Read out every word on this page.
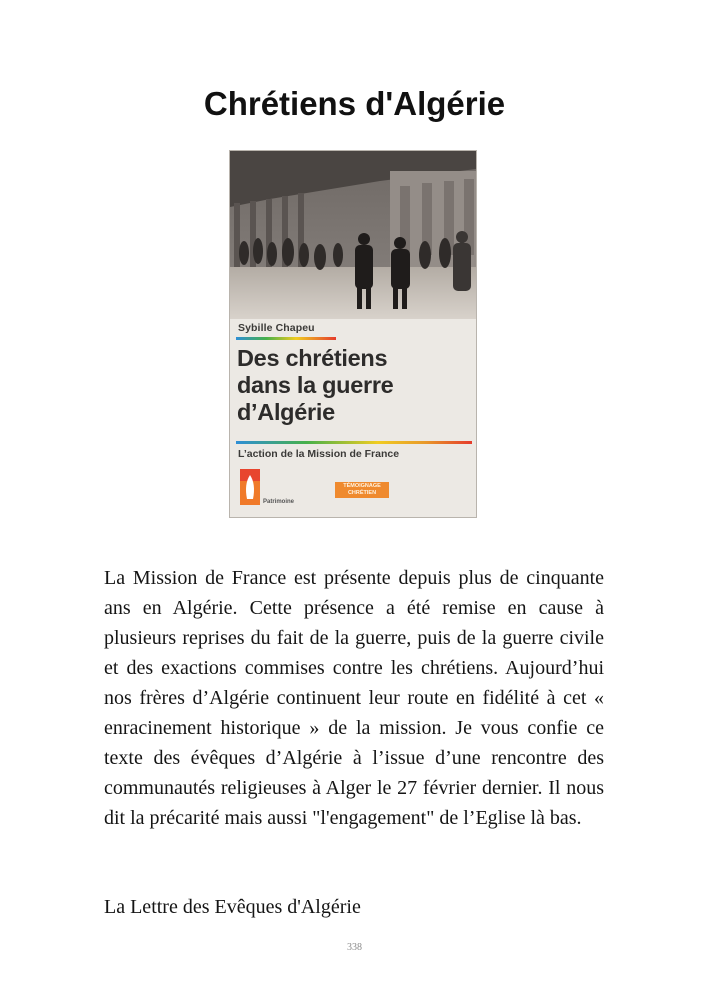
Chrétiens d'Algérie
Sybille Chapeu
Des chrétiens
dans la guerre
d’Algérie
L’action de la Mission de France
Patrimoine
TÉMOIGNAGE
CHRÉTIEN

La Mission de France est présente depuis plus de cinquante ans en Algérie. Cette présence a été remise en cause à plusieurs reprises du fait de la guerre, puis de la guerre civile et des exactions commises contre les chrétiens. Aujourd’hui nos frères d’Algérie continuent leur route en fidélité à cet « enracinement historique » de la mission. Je vous confie ce texte des évêques d’Algérie à l’issue d’une rencontre des communautés religieuses à Alger le 27 février dernier. Il nous dit la précarité mais aussi "l'engagement" de l’Eglise là bas.

La Lettre des Evêques d'Algérie

338
